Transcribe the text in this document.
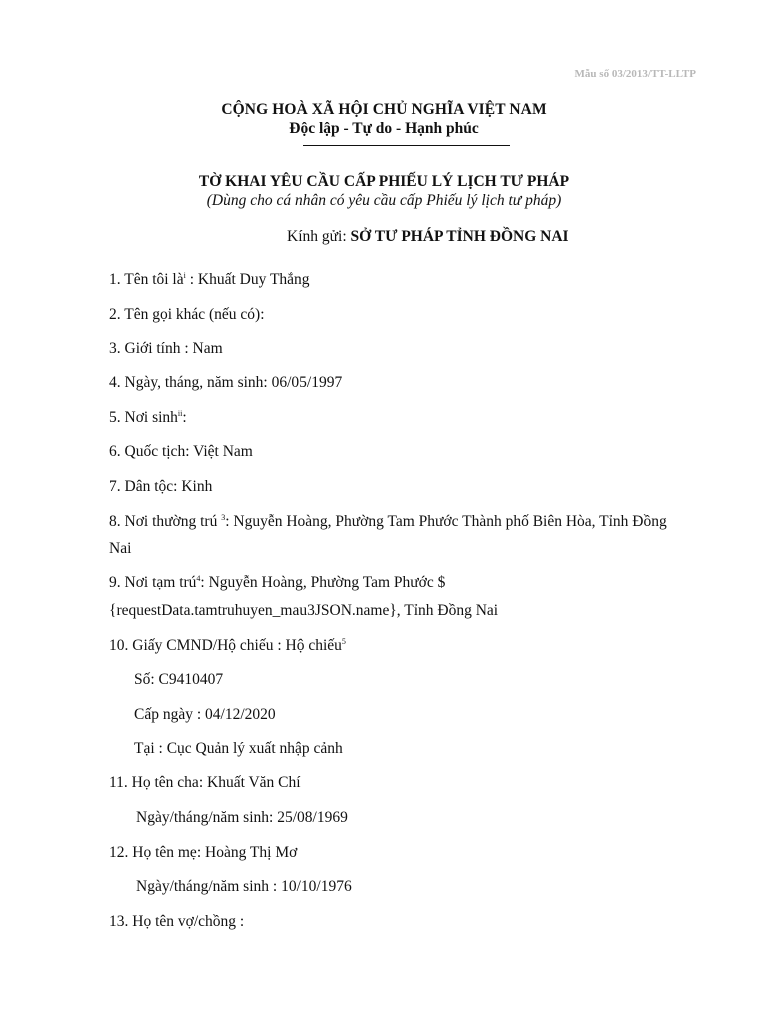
Mẫu số 03/2013/TT-LLTP
CỘNG HOÀ XÃ HỘI CHỦ NGHĨA VIỆT NAM
Độc lập - Tự do - Hạnh phúc
TỜ KHAI YÊU CẦU CẤP PHIẾU LÝ LỊCH TƯ PHÁP
(Dùng cho cá nhân có yêu cầu cấp Phiếu lý lịch tư pháp)
Kính gửi: SỞ TƯ PHÁP TỈNH ĐỒNG NAI
1. Tên tôi $là^i$ : Khuất Duy Thắng
2. Tên gọi khác (nếu có):
3. Giới tính : Nam
4. Ngày, tháng, năm sinh: 06/05/1997
5. Nơi $\sinh^{ii}$:
6. Quốc tịch: Việt Nam
7. Dân tộc: Kinh
8. Nơi thường trú $^3$: Nguyễn Hoàng, Phường Tam Phước Thành phố Biên Hòa, Tỉnh Đồng
Nai
9. Nơi tạm trú$^4$: Nguyễn Hoàng, Phường Tam Phước $
{requestData.tamtruhuyen_mau3JSON.name}, Tỉnh Đồng Nai
10. Giấy CMND/Hộ chiếu : Hộ chiếu$^5$
Số: C9410407
Cấp ngày : 04/12/2020
Tại : Cục Quản lý xuất nhập cảnh
11. Họ tên cha: Khuất Văn Chí
Ngày/tháng/năm sinh: 25/08/1969
12. Họ tên mẹ: Hoàng Thị Mơ
Ngày/tháng/năm sinh : 10/10/1976
13. Họ tên vợ/chồng :
